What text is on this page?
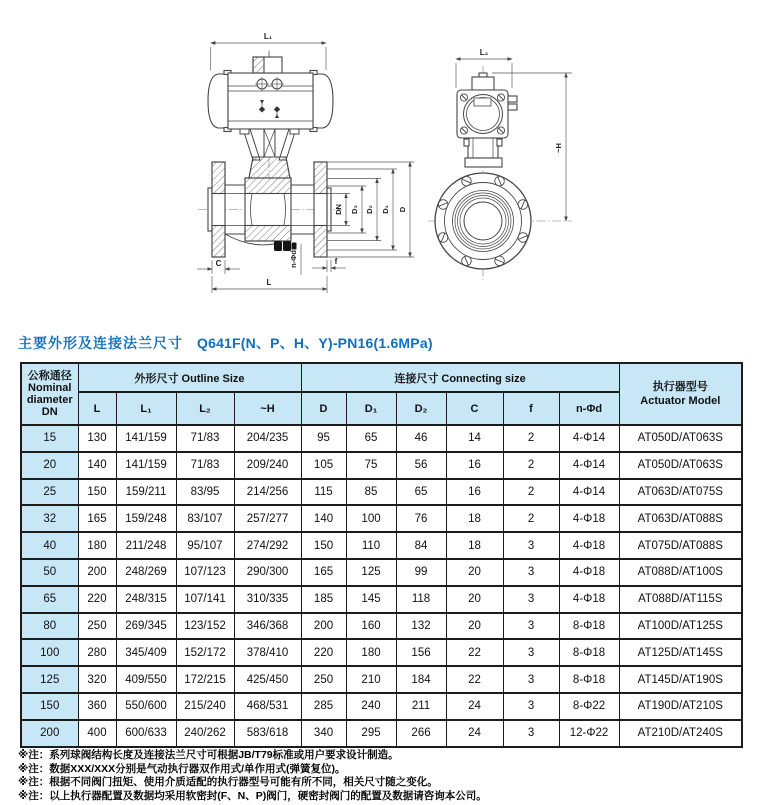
L₁
DN D₃ D₂ D₁ D
C	n-Φd	f
L
L₂
~H
主要外形及连接法兰尺寸 Q641F(N、P、H、Y)-PN16(1.6MPa)
公称通径
Nominal
diameter
DN
	外形尺寸 Outline Size	连接尺寸 Connecting size	
执行器型号
Actuator Model

	L	L₁	L₂	~H	D	D₁	D₂	C	f	n-Φd	
15	130	141/159	71/83	204/235	95	65	46	14	2	4-Φ14	AT050D/AT063S
20	140	141/159	71/83	209/240	105	75	56	16	2	4-Φ14	AT050D/AT063S
25	150	159/211	83/95	214/256	115	85	65	16	2	4-Φ14	AT063D/AT075S
32	165	159/248	83/107	257/277	140	100	76	18	2	4-Φ18	AT063D/AT088S
40	180	211/248	95/107	274/292	150	110	84	18	3	4-Φ18	AT075D/AT088S
50	200	248/269	107/123	290/300	165	125	99	20	3	4-Φ18	AT088D/AT100S
65	220	248/315	107/141	310/335	185	145	118	20	3	4-Φ18	AT088D/AT115S
80	250	269/345	123/152	346/368	200	160	132	20	3	8-Φ18	AT100D/AT125S
100	280	345/409	152/172	378/410	220	180	156	22	3	8-Φ18	AT125D/AT145S
125	320	409/550	172/215	425/450	250	210	184	22	3	8-Φ18	AT145D/AT190S
150	360	550/600	215/240	468/531	285	240	211	24	3	8-Φ22	AT190D/AT210S
200	400	600/633	240/262	583/618	340	295	266	24	3	12-Φ22	AT210D/AT240S
※注：系列球阀结构长度及连接法兰尺寸可根据JB/T79标准或用户要求设计制造。
※注：数据XXX/XXX分别是气动执行器双作用式/单作用式(弹簧复位)。
※注：根据不同阀门扭矩、使用介质适配的执行器型号可能有所不同，相关尺寸随之变化。
※注：以上执行器配置及数据均采用软密封(F、N、P)阀门，硬密封阀门的配置及数据请咨询本公司。
